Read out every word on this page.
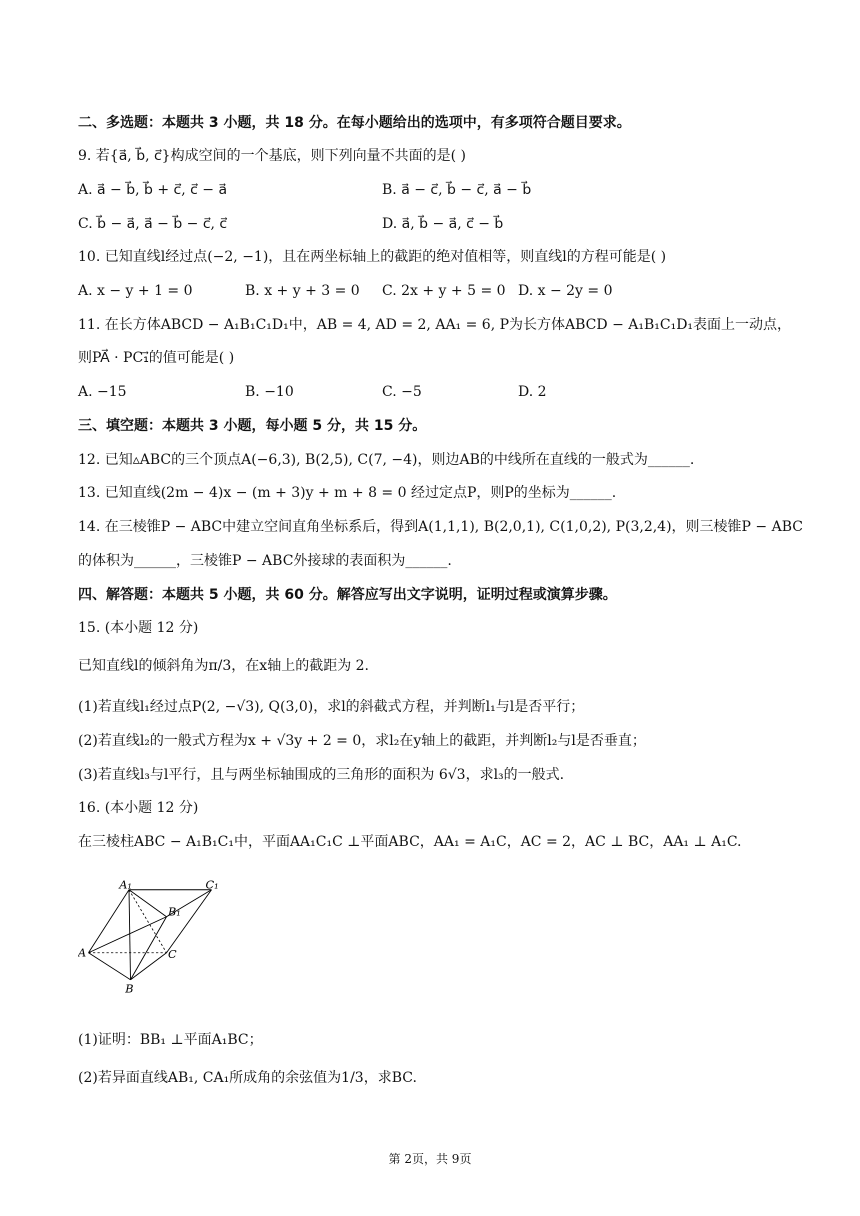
二、多选题：本题共 3 小题，共 18 分。在每小题给出的选项中，有多项符合题目要求。
9. 若{a⃗, b⃗, c⃗}构成空间的一个基底，则下列向量不共面的是( )
A. a⃗ − b⃗, b⃗ + c⃗, c⃗ − a⃗	B. a⃗ − c⃗, b⃗ − c⃗, a⃗ − b⃗
C. b⃗ − a⃗, a⃗ − b⃗ − c⃗, c⃗	D. a⃗, b⃗ − a⃗, c⃗ − b⃗
10. 已知直线l经过点(−2, −1)，且在两坐标轴上的截距的绝对值相等，则直线l的方程可能是( )
A. x − y + 1 = 0	B. x + y + 3 = 0 C. 2x + y + 5 = 0 D. x − 2y = 0
11. 在长方体ABCD − A₁B₁C₁D₁中，AB = 4, AD = 2, AA₁ = 6, P为长方体ABCD − A₁B₁C₁D₁表面上一动点，
则PA⃗ · PC₁⃗的值可能是( )
A. −15	B. −10	C. −5	D. 2
三、填空题：本题共 3 小题，每小题 5 分，共 15 分。
12. 已知▵ABC的三个顶点A(−6,3), B(2,5), C(7, −4)，则边AB的中线所在直线的一般式为______.
13. 已知直线(2m − 4)x − (m + 3)y + m + 8 = 0 经过定点P，则P的坐标为______.
14. 在三棱锥P − ABC中建立空间直角坐标系后，得到A(1,1,1), B(2,0,1), C(1,0,2), P(3,2,4)，则三棱锥P − ABC
的体积为______，三棱锥P − ABC外接球的表面积为______.
四、解答题：本题共 5 小题，共 60 分。解答应写出文字说明，证明过程或演算步骤。
15. (本小题 12 分)
已知直线l的倾斜角为π/3，在x轴上的截距为 2.
(1)若直线l₁经过点P(2, −√3), Q(3,0)，求l的斜截式方程，并判断l₁与l是否平行；
(2)若直线l₂的一般式方程为x + √3y + 2 = 0，求l₂在y轴上的截距，并判断l₂与l是否垂直；
(3)若直线l₃与l平行，且与两坐标轴围成的三角形的面积为 6√3，求l₃的一般式.
16. (本小题 12 分)
在三棱柱ABC − A₁B₁C₁中，平面AA₁C₁C ⊥平面ABC，AA₁ = A₁C，AC = 2，AC ⊥ BC，AA₁ ⊥ A₁C.
A₁	C₁
B₁
A	C
B
(1)证明：BB₁ ⊥平面A₁BC；
(2)若异面直线AB₁, CA₁所成角的余弦值为1/3，求BC.
第 2页，共 9页
